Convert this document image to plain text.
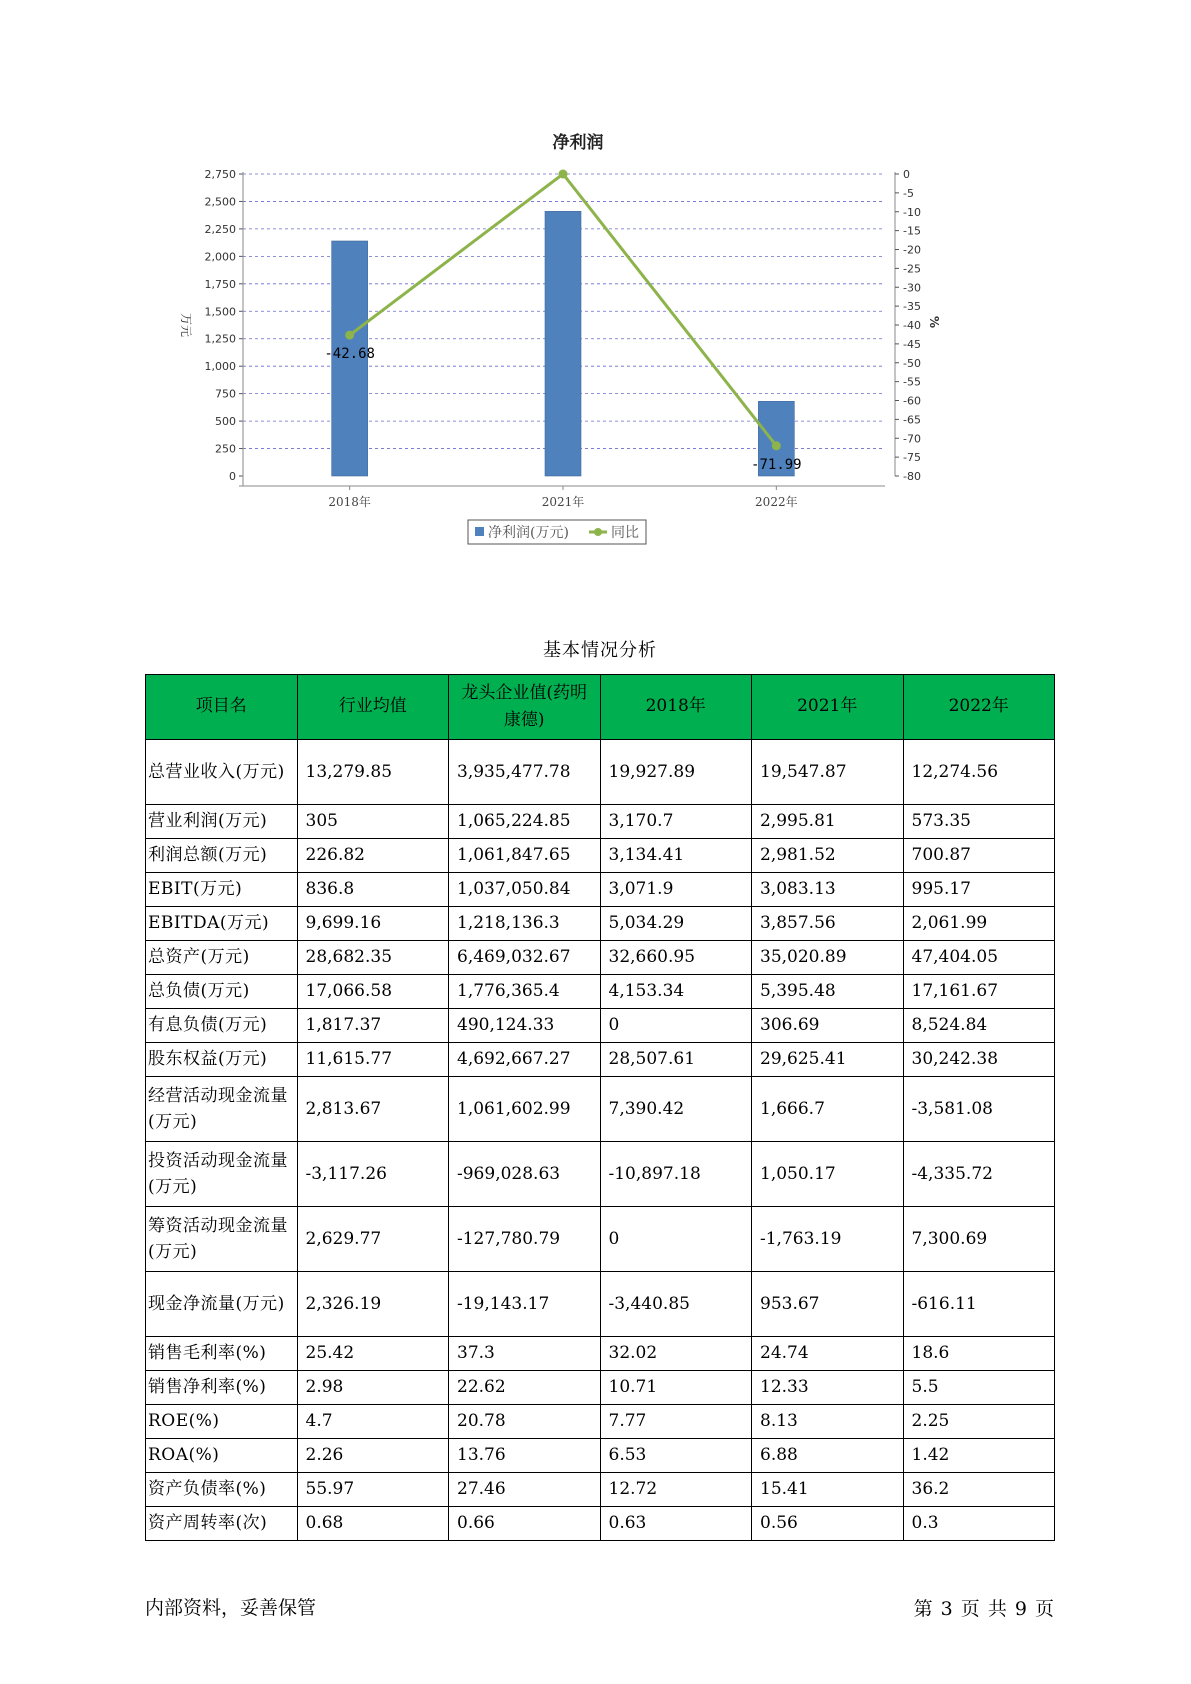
净利润
0
250
500
750
1,000
1,250
1,500
1,750
2,000
2,250
2,500
2,750	0
-5
-10
-15
-20
-25
-30
-35
-40
-45
-50
-55
-60
-65
-70
-75
-80
万元	%
2018年	2021年	2022年
-42.68
-71.99
净利润(万元)	同比
基本情况分析
项目名	行业均值	龙头企业值(药明康德)	2018年	2021年	2022年
总营业收入(万元)	13,279.85	3,935,477.78	19,927.89	19,547.87	12,274.56
营业利润(万元)	305	1,065,224.85	3,170.7	2,995.81	573.35
利润总额(万元)	226.82	1,061,847.65	3,134.41	2,981.52	700.87
EBIT(万元)	836.8	1,037,050.84	3,071.9	3,083.13	995.17
EBITDA(万元)	9,699.16	1,218,136.3	5,034.29	3,857.56	2,061.99
总资产(万元)	28,682.35	6,469,032.67	32,660.95	35,020.89	47,404.05
总负债(万元)	17,066.58	1,776,365.4	4,153.34	5,395.48	17,161.67
有息负债(万元)	1,817.37	490,124.33	0	306.69	8,524.84
股东权益(万元)	11,615.77	4,692,667.27	28,507.61	29,625.41	30,242.38
经营活动现金流量(万元)	2,813.67	1,061,602.99	7,390.42	1,666.7	-3,581.08
投资活动现金流量(万元)	-3,117.26	-969,028.63	-10,897.18	1,050.17	-4,335.72
筹资活动现金流量(万元)	2,629.77	-127,780.79	0	-1,763.19	7,300.69
现金净流量(万元)	2,326.19	-19,143.17	-3,440.85	953.67	-616.11
销售毛利率(%)	25.42	37.3	32.02	24.74	18.6
销售净利率(%)	2.98	22.62	10.71	12.33	5.5
ROE(%)	4.7	20.78	7.77	8.13	2.25
ROA(%)	2.26	13.76	6.53	6.88	1.42
资产负债率(%)	55.97	27.46	12.72	15.41	36.2
资产周转率(次)	0.68	0.66	0.63	0.56	0.3
内部资料，妥善保管	第 3 页 共 9 页
